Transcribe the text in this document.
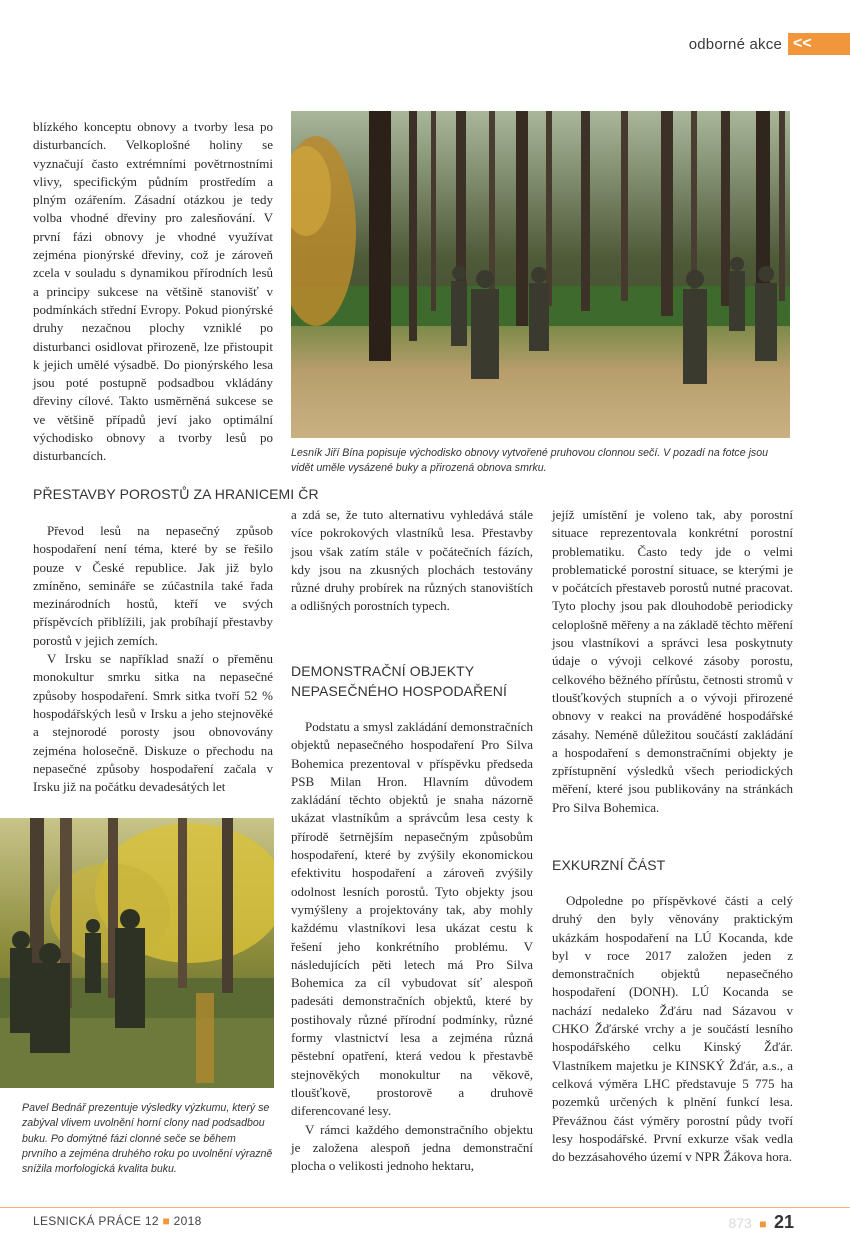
odborné akce <<

blízkého konceptu obnovy a tvorby lesa po disturbancích. Velkoplošné holiny se vyznačují často extrémními povětrnostními vlivy, specifickým půdním prostředím a plným ozářením. Zásadní otázkou je tedy volba vhodné dřeviny pro zalesňování. V první fázi obnovy je vhodné využívat zejména pionýrské dřeviny, což je zároveň zcela v souladu s dynamikou přírodních lesů a principy sukcese na většině stanovišť v podmínkách střední Evropy. Pokud pionýrské druhy nezačnou plochy vzniklé po disturbanci osidlovat přirozeně, lze přistoupit k jejich umělé výsadbě. Do pionýrského lesa jsou poté postupně podsadbou vkládány dřeviny cílové. Takto usměrněná sukcese se ve většině případů jeví jako optimální východisko obnovy a tvorby lesů po disturbancích.	Lesník Jiří Bína popisuje východisko obnovy vytvořené pruhovou clonnou sečí. V pozadí na fotce jsou vidět uměle vysázené buky a přirozená obnova smrku.
PŘESTAVBY POROSTŮ ZA HRANICEMI ČR

Převod lesů na nepasečný způsob hospodaření není téma, které by se řešilo pouze v České republice. Jak již bylo zmíněno, semináře se zúčastnila také řada mezinárodních hostů, kteří ve svých příspěvcích přiblížili, jak probíhají přestavby porostů v jejich zemích.

V Irsku se například snaží o přeměnu monokultur smrku sitka na nepasečné způsoby hospodaření. Smrk sitka tvoří 52 % hospodářských lesů v Irsku a jeho stejnověké a stejnorodé porosty jsou obnovovány zejména holosečně. Diskuze o přechodu na nepasečné způsoby hospodaření začala v Irsku již na počátku devadesátých let

Pavel Bednář prezentuje výsledky výzkumu, který se zabýval vlivem uvolnění horní clony nad podsadbou buku. Po domýtné fázi clonné seče se během prvního a zejména druhého roku po uvolnění výrazně snížila morfologická kvalita buku.

a zdá se, že tuto alternativu vyhledává stále více pokrokových vlastníků lesa. Přestavby jsou však zatím stále v počátečních fázích, kdy jsou na zkusných plochách testovány různé druhy probírek na různých stanovištích a odlišných porostních typech.

DEMONSTRAČNÍ OBJEKTY
NEPASEČNÉHO HOSPODAŘENÍ

Podstatu a smysl zakládání demonstračních objektů nepasečného hospodaření Pro Silva Bohemica prezentoval v příspěvku předseda PSB Milan Hron. Hlavním důvodem zakládání těchto objektů je snaha názorně ukázat vlastníkům a správcům lesa cesty k přírodě šetrnějším nepasečným způsobům hospodaření, které by zvýšily ekonomickou efektivitu hospodaření a zároveň zvýšily odolnost lesních porostů. Tyto objekty jsou vymýšleny a projektovány tak, aby mohly každému vlastníkovi lesa ukázat cestu k řešení jeho konkrétního problému. V následujících pěti letech má Pro Silva Bohemica za cíl vybudovat síť alespoň padesáti demonstračních objektů, které by postihovaly různé přírodní podmínky, různé formy vlastnictví lesa a zejména různá pěstební opatření, která vedou k přestavbě stejnověkých monokultur na věkově, tloušťkově, prostorově a druhově diferencované lesy.

V rámci každého demonstračního objektu je založena alespoň jedna demonstrační plocha o velikosti jednoho hektaru,

jejíž umístění je voleno tak, aby porostní situace reprezentovala konkrétní porostní problematiku. Často tedy jde o velmi problematické porostní situace, se kterými je v počátcích přestaveb porostů nutné pracovat. Tyto plochy jsou pak dlouhodobě periodicky celoplošně měřeny a na základě těchto měření jsou vlastníkovi a správci lesa poskytnuty údaje o vývoji celkové zásoby porostu, celkového běžného přírůstu, četnosti stromů v tloušťkových stupních a o vývoji přirozené obnovy v reakci na prováděné hospodářské zásahy. Neméně důležitou součástí zakládání a hospodaření s demonstračními objekty je zpřístupnění výsledků všech periodických měření, které jsou publikovány na stránkách Pro Silva Bohemica.

EXKURZNÍ ČÁST

Odpoledne po příspěvkové části a celý druhý den byly věnovány praktickým ukázkám hospodaření na LÚ Kocanda, kde byl v roce 2017 založen jeden z demonstračních objektů nepasečného hospodaření (DONH). LÚ Kocanda se nachází nedaleko Žďáru nad Sázavou v CHKO Žďárské vrchy a je součástí lesního hospodářského celku Kinský Žďár. Vlastníkem majetku je KINSKÝ Žďár, a.s., a celková výměra LHC představuje 5 775 ha pozemků určených k plnění funkcí lesa. Převážnou část výměry porostní půdy tvoří lesy hospodářské. První exkurze však vedla do bezzásahového území v NPR Žákova hora.

LESNICKÁ PRÁCE 12 ■ 2018	873 ■ 21
